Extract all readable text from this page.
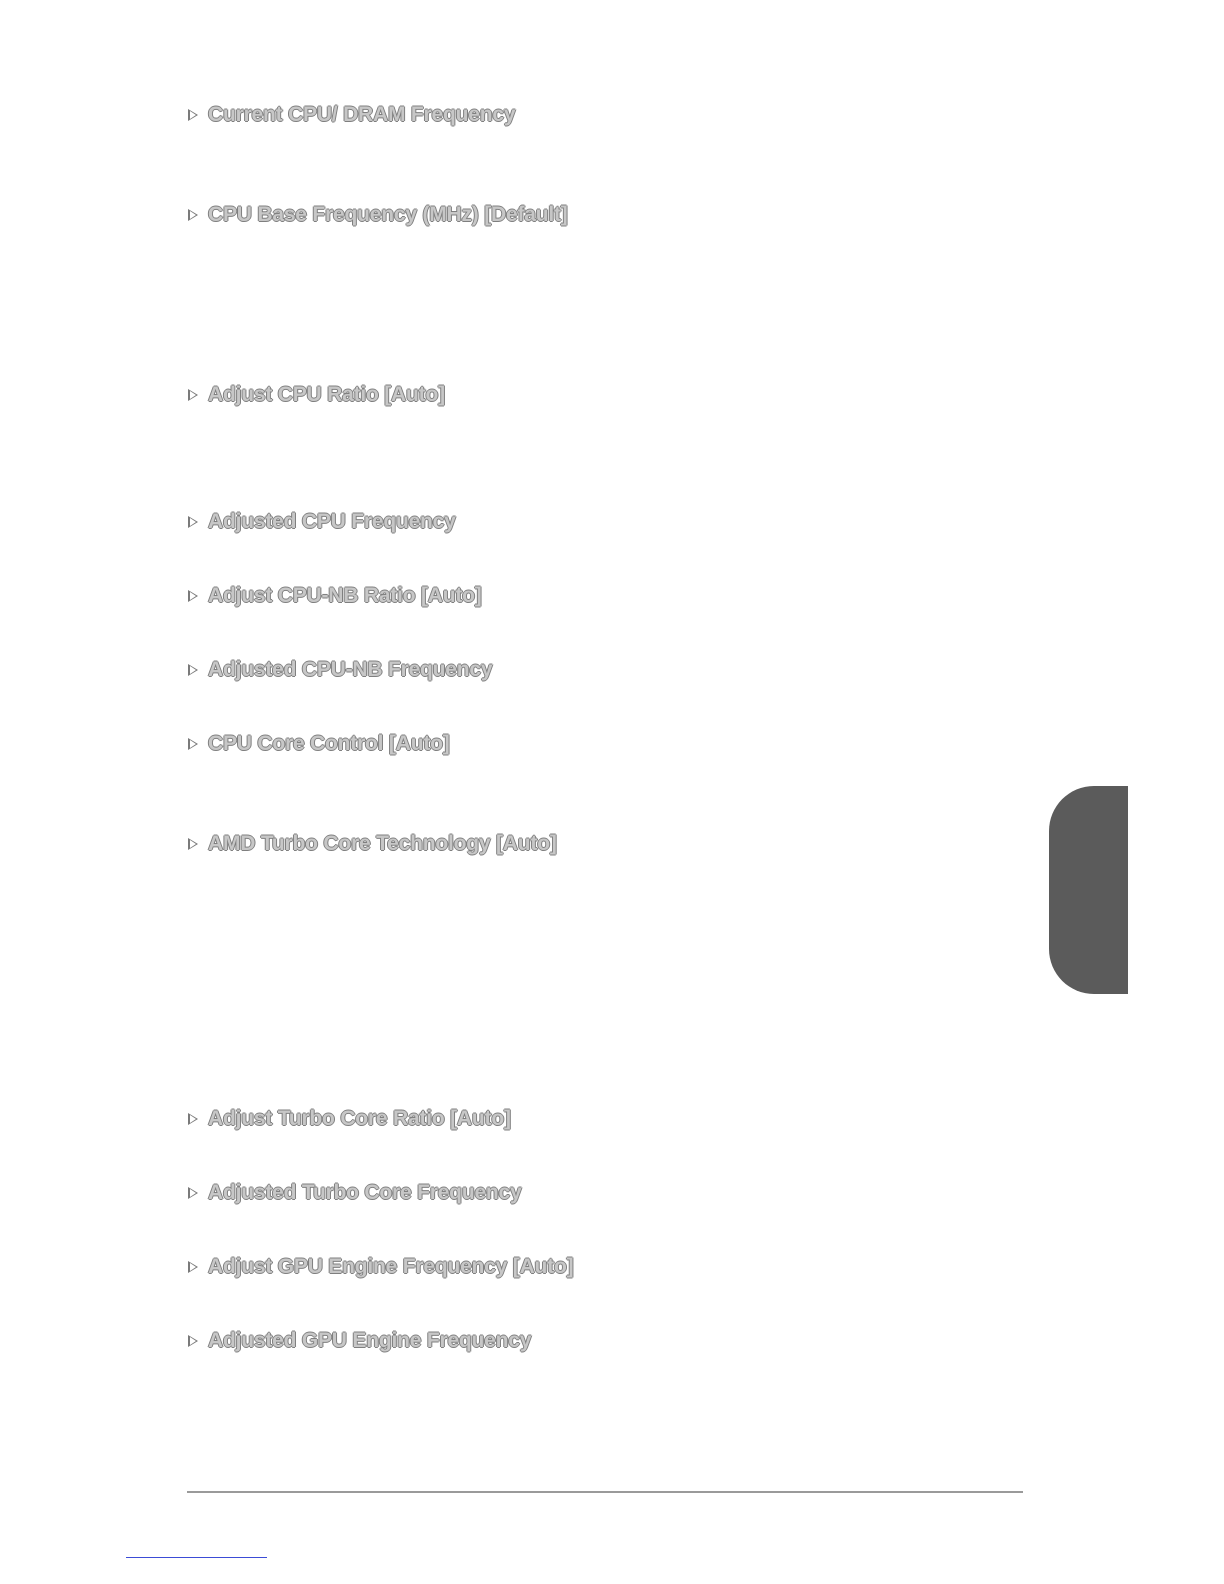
Current CPU/ DRAM Frequency
CPU Base Frequency (MHz) [Default]
Adjust CPU Ratio [Auto]
Adjusted CPU Frequency
Adjust CPU-NB Ratio [Auto]
Adjusted CPU-NB Frequency
CPU Core Control [Auto]
AMD Turbo Core Technology [Auto]
Adjust Turbo Core Ratio [Auto]
Adjusted Turbo Core Frequency
Adjust GPU Engine Frequency [Auto]
Adjusted GPU Engine Frequency
